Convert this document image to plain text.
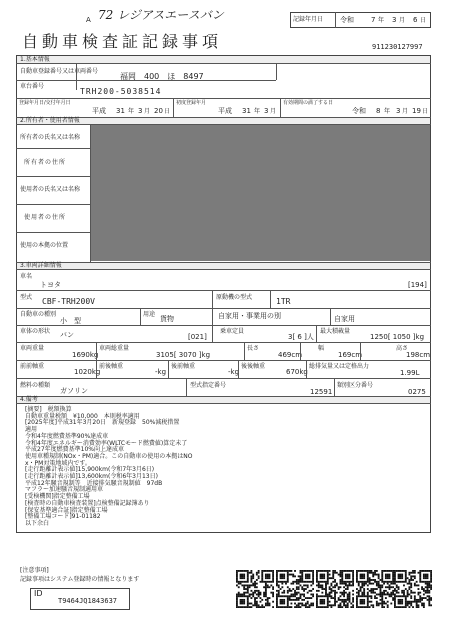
A 72 レジアスエースバン	記録年月日 令和 7 年 3 月 6 日
自動車検査証記録事項	911230127997
1.基本情報
自動車登録番号又は車両番号
福岡　400　ほ　8497
車台番号
TRH200-5038514
登録年月日/交付年月日
平成 31 年 3 月 20 日
初度登録年月
平成 31 年 3 月
有効期間の満了する日
令和 8 年 3 月 19 日
2.所有者・使用者情報
所有者の氏名又は名称
所有者の住所
使用者の氏名又は名称
使用者の住所
使用の本拠の位置
3.車両詳細情報
車名
トヨタ	[194]
型式 CBF-TRH200V	原動機の型式	1TR
自動車の種別
小　型
用途
貨物	自家用・事業用の別	自家用
車体の形状 バン	[021]
乗車定員
3[ 6 ]人
最大積載量
1250[ 1050 ]kg
車両重量
1690kg
車両総重量
3105[ 3070 ]kg
長さ
469cm
幅
169cm
高さ
198cm
前前軸重
1020kg
前後軸重
-kg
後前軸重
-kg
後後軸重
670kg
総排気量又は定格出力
1.99L
燃料の種類
ガソリン
型式指定番号
12591
類別区分番号
0275
4.備考
[摘要]　税額換算
自動車重量税額　¥10,000　本則税率適用
[2025年度]平成31年3月20日　新規登録　50%減税措置
適用
令和4年度燃費基準90%達成車
令和4年度エネルギー消費効率(WLTCモード燃費値)算定未了
平成27年度燃費基準10%向上達成車
使用車種規制(NOx・PM)適合。この自動車の使用の本拠はNO
x・PM対策地域内です。
[走行距離計表示値]15,900km(令和7年3月6日)
[走行距離計表示値]13,600km(令和6年3月13日)
平成12年騒音規制等　近接排気騒音規制値　97dB
マフラー加速騒音規制適用車
[受検機関]指定整備工場
[検査時の自動車検査装置]点検整備記録簿あり
[保安基準適合証]指定整備工場
[整備工場コード]91-01182
以下余白
[注意事項]
記録事項はシステム登録時の情報となります
ID
T9464JQ1843637
